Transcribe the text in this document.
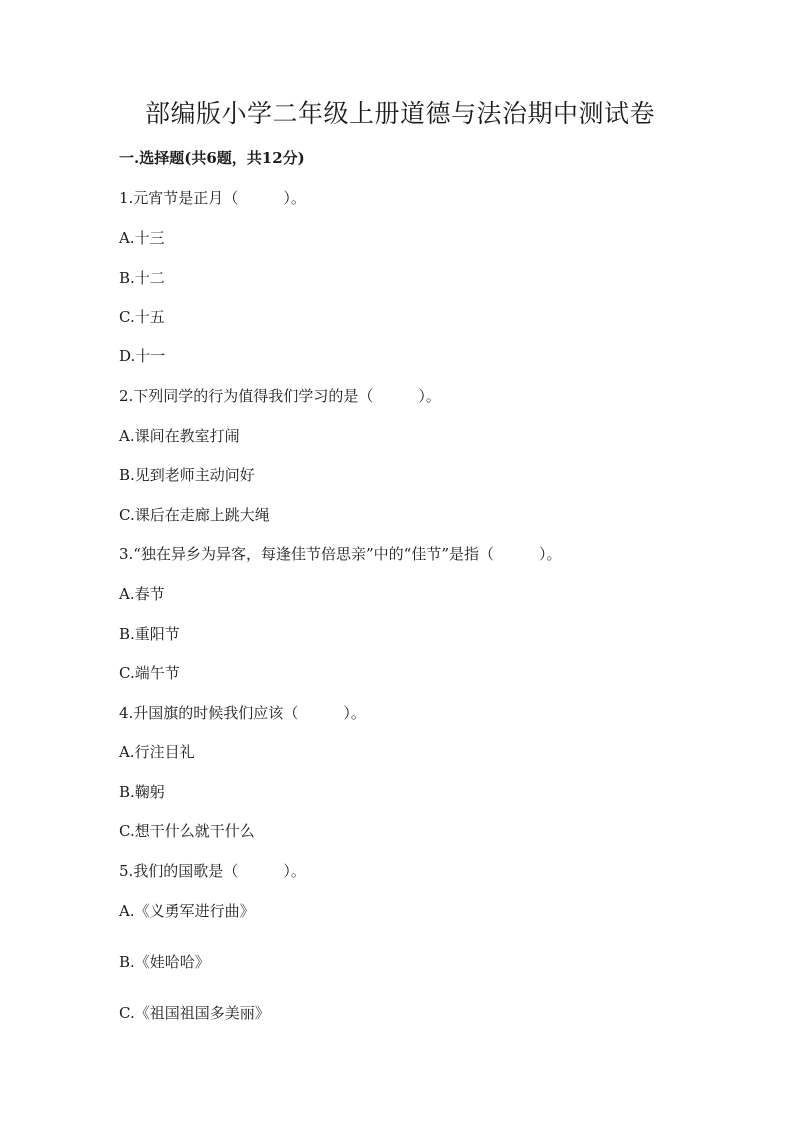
部编版小学二年级上册道德与法治期中测试卷
一.选择题(共6题，共12分)
1.元宵节是正月（　　　）。
A.十三
B.十二
C.十五
D.十一
2.下列同学的行为值得我们学习的是（　　　）。
A.课间在教室打闹
B.见到老师主动问好
C.课后在走廊上跳大绳
3.“独在异乡为异客，每逢佳节倍思亲”中的“佳节”是指（　　　）。
A.春节
B.重阳节
C.端午节
4.升国旗的时候我们应该（　　　）。
A.行注目礼
B.鞠躬
C.想干什么就干什么
5.我们的国歌是（　　　）。
A.《义勇军进行曲》
B.《娃哈哈》
C.《祖国祖国多美丽》
